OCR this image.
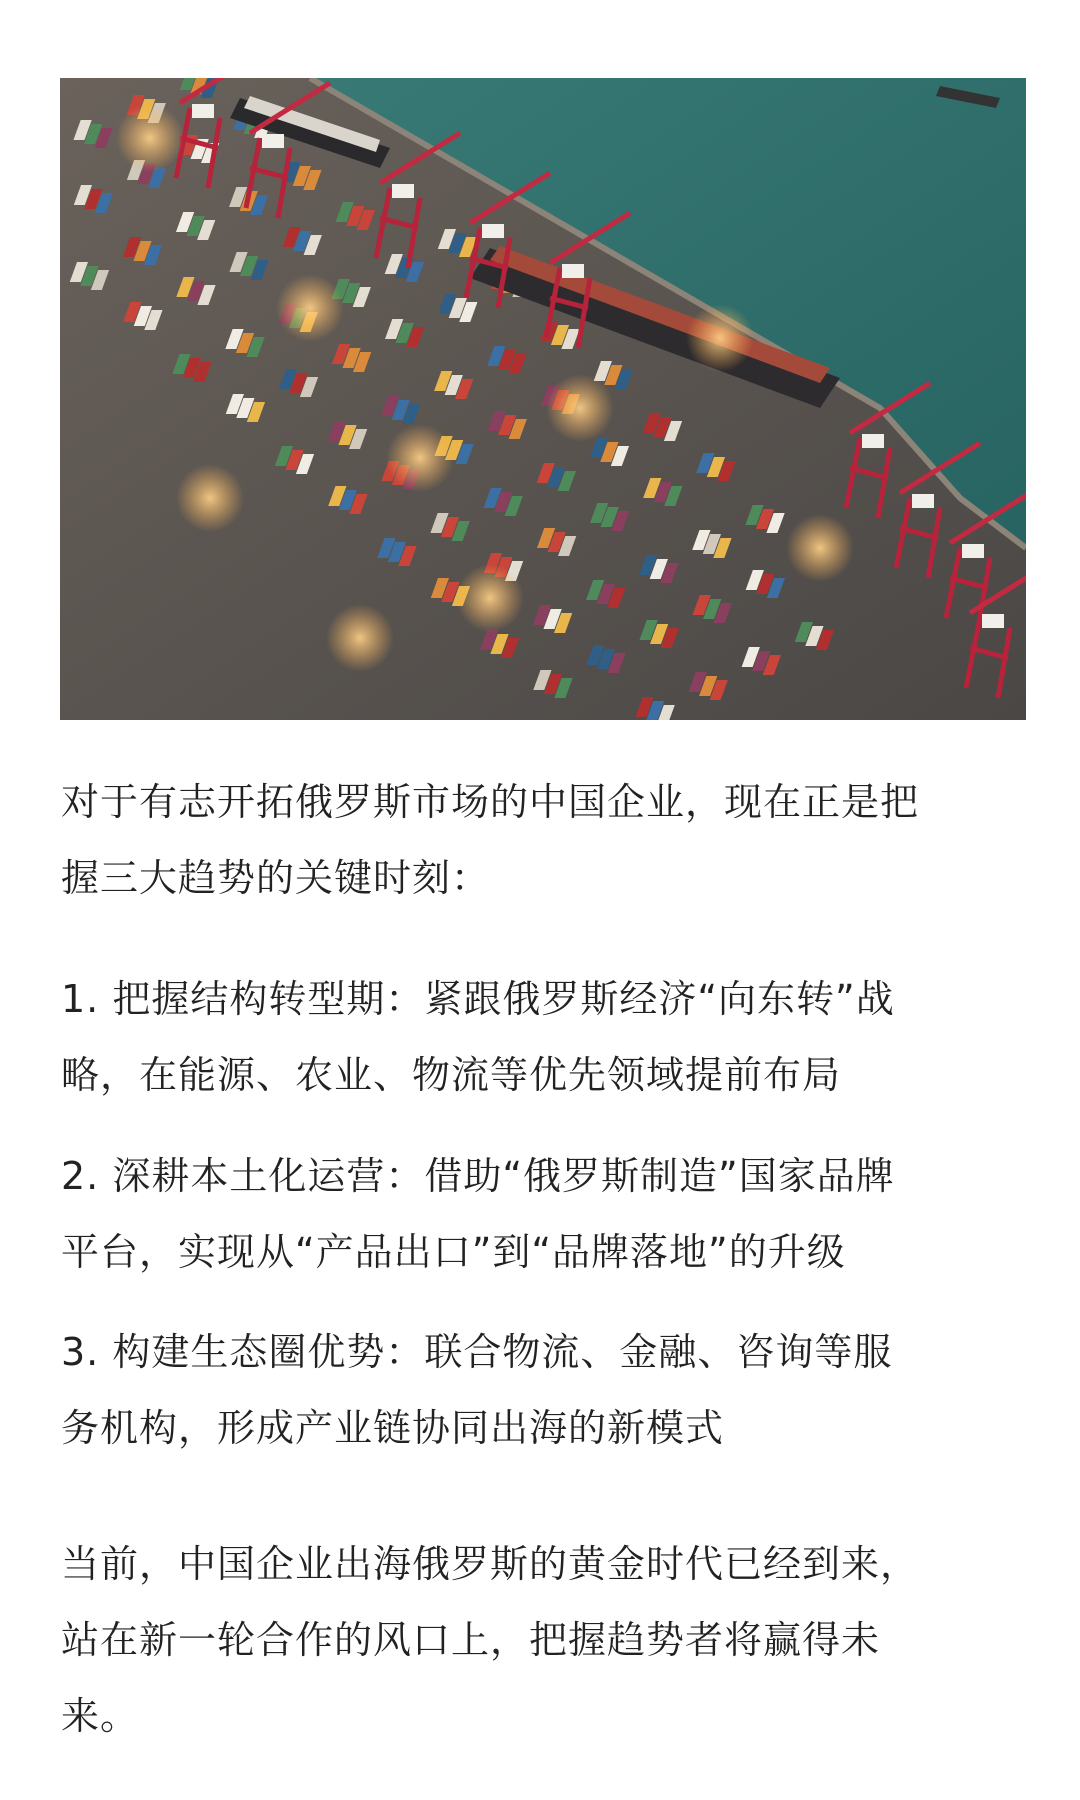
对于有志开拓俄罗斯市场的中国企业，现在正是把
握三大趋势的关键时刻：

1. 把握结构转型期：紧跟俄罗斯经济“向东转”战
略，在能源、农业、物流等优先领域提前布局

2. 深耕本土化运营：借助“俄罗斯制造”国家品牌
平台，实现从“产品出口”到“品牌落地”的升级

3. 构建生态圈优势：联合物流、金融、咨询等服
务机构，形成产业链协同出海的新模式

当前，中国企业出海俄罗斯的黄金时代已经到来，
站在新一轮合作的风口上，把握趋势者将赢得未
来。
